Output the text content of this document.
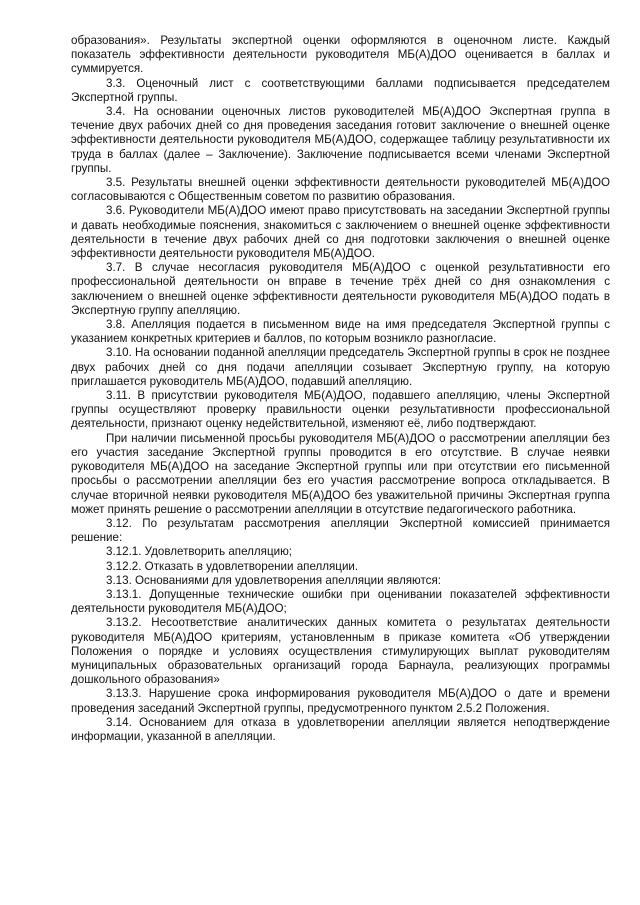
образования». Результаты экспертной оценки оформляются в оценочном листе. Каждый показатель эффективности деятельности руководителя МБ(А)ДОО оценивается в баллах и суммируется.

3.3. Оценочный лист с соответствующими баллами подписывается председателем Экспертной группы.

3.4. На основании оценочных листов руководителей МБ(А)ДОО Экспертная группа в течение двух рабочих дней со дня проведения заседания готовит заключение о внешней оценке эффективности деятельности руководителя МБ(А)ДОО, содержащее таблицу результативности их труда в баллах (далее – Заключение). Заключение подписывается всеми членами Экспертной группы.

3.5. Результаты внешней оценки эффективности деятельности руководителей МБ(А)ДОО согласовываются с Общественным советом по развитию образования.

3.6. Руководители МБ(А)ДОО имеют право присутствовать на заседании Экспертной группы и давать необходимые пояснения, знакомиться с заключением о внешней оценке эффективности деятельности в течение двух рабочих дней со дня подготовки заключения о внешней оценке эффективности деятельности руководителя МБ(А)ДОО.

3.7. В случае несогласия руководителя МБ(А)ДОО с оценкой результативности его профессиональной деятельности он вправе в течение трёх дней со дня ознакомления с заключением о внешней оценке эффективности деятельности руководителя МБ(А)ДОО подать в Экспертную группу апелляцию.

3.8. Апелляция подается в письменном виде на имя председателя Экспертной группы с указанием конкретных критериев и баллов, по которым возникло разногласие.

3.10. На основании поданной апелляции председатель Экспертной группы в срок не позднее двух рабочих дней со дня подачи апелляции созывает Экспертную группу, на которую приглашается руководитель МБ(А)ДОО, подавший апелляцию.

3.11. В присутствии руководителя МБ(А)ДОО, подавшего апелляцию, члены Экспертной группы осуществляют проверку правильности оценки результативности профессиональной деятельности, признают оценку недействительной, изменяют её, либо подтверждают.

При наличии письменной просьбы руководителя МБ(А)ДОО о рассмотрении апелляции без его участия заседание Экспертной группы проводится в его отсутствие. В случае неявки руководителя МБ(А)ДОО на заседание Экспертной группы или при отсутствии его письменной просьбы о рассмотрении апелляции без его участия рассмотрение вопроса откладывается. В случае вторичной неявки руководителя МБ(А)ДОО без уважительной причины Экспертная группа может принять решение о рассмотрении апелляции в отсутствие педагогического работника.

3.12. По результатам рассмотрения апелляции Экспертной комиссией принимается решение:

3.12.1. Удовлетворить апелляцию;

3.12.2. Отказать в удовлетворении апелляции.

3.13. Основаниями для удовлетворения апелляции являются:

3.13.1. Допущенные технические ошибки при оценивании показателей эффективности деятельности руководителя МБ(А)ДОО;

3.13.2. Несоответствие аналитических данных комитета о результатах деятельности руководителя МБ(А)ДОО критериям, установленным в приказе комитета «Об утверждении Положения о порядке и условиях осуществления стимулирующих выплат руководителям муниципальных образовательных организаций города Барнаула, реализующих программы дошкольного образования»

3.13.3. Нарушение срока информирования руководителя МБ(А)ДОО о дате и времени проведения заседаний Экспертной группы, предусмотренного пунктом 2.5.2 Положения.

3.14. Основанием для отказа в удовлетворении апелляции является неподтверждение информации, указанной в апелляции.
